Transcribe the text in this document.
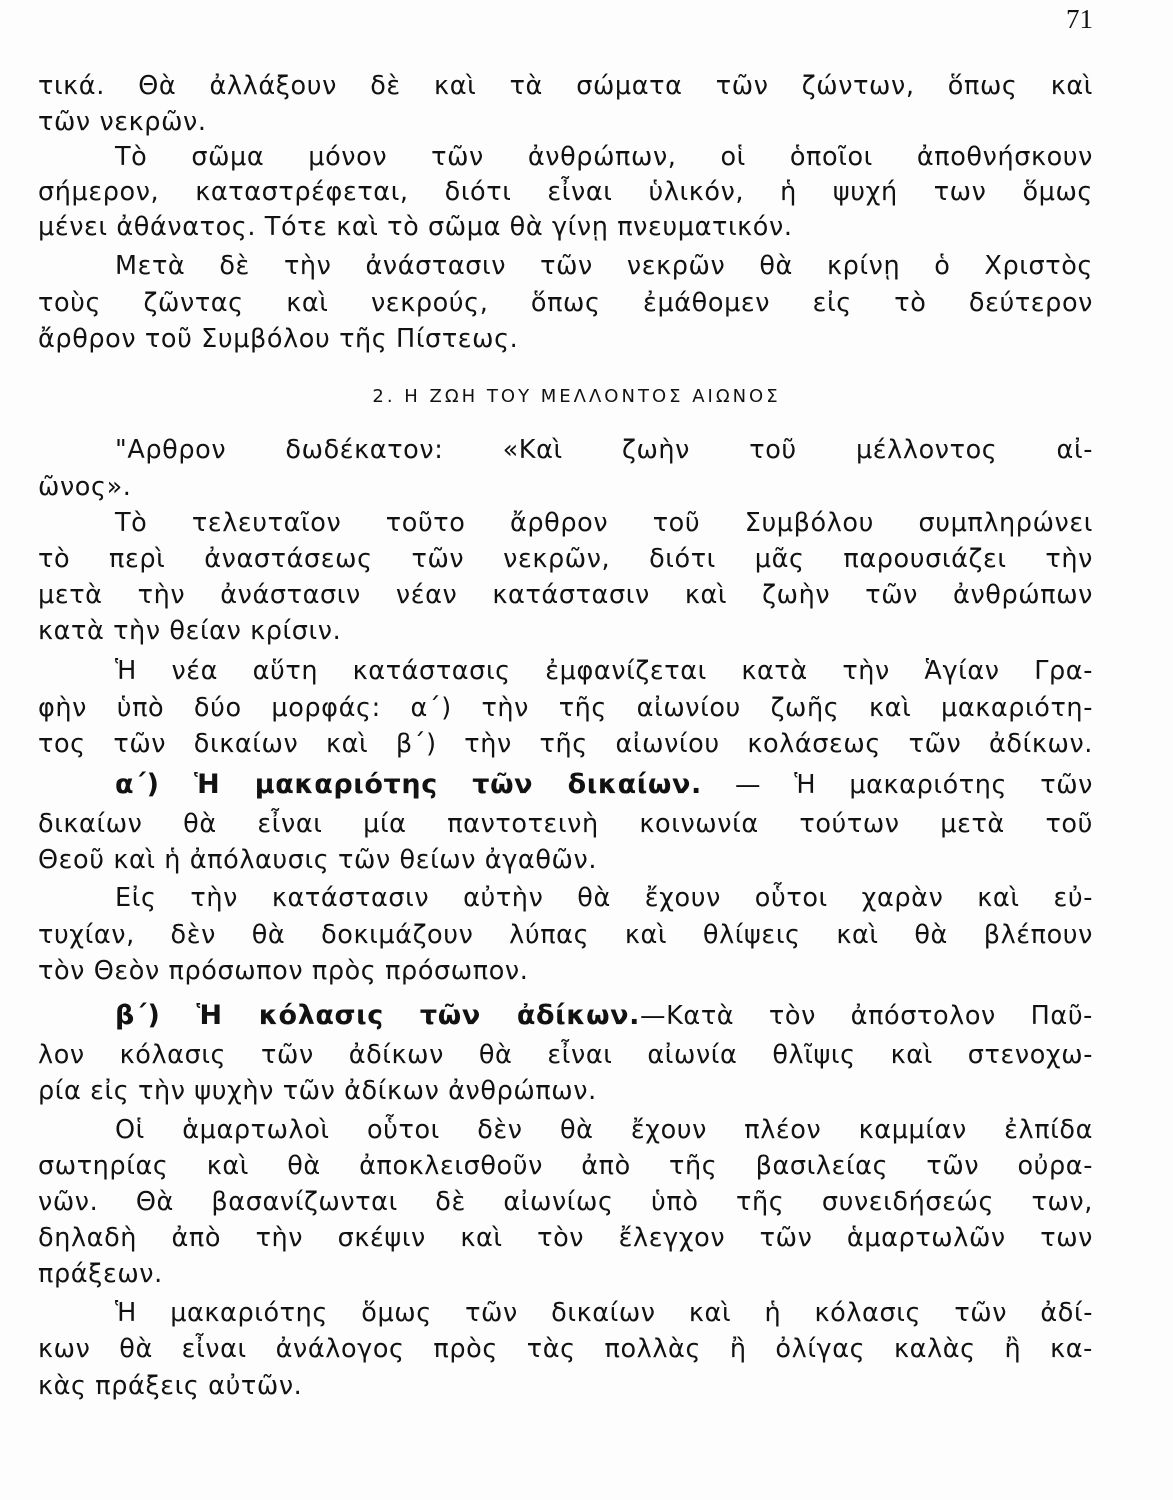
71
τικά. Θὰ ἀλλάξουν δὲ καὶ τὰ σώματα τῶν ζώντων, ὅπως καὶ
τῶν νεκρῶν.
Τὸ σῶμα μόνον τῶν ἀνθρώπων, οἱ ὁποῖοι ἀποθνήσκουν
σήμερον, καταστρέφεται, διότι εἶναι ὑλικόν, ἡ ψυχή των ὅμως
μένει ἀθάνατος. Τότε καὶ τὸ σῶμα θὰ γίνῃ πνευματικόν.
Μετὰ δὲ τὴν ἀνάστασιν τῶν νεκρῶν θὰ κρίνῃ ὁ Χριστὸς
τοὺς ζῶντας καὶ νεκρούς, ὅπως ἐμάθομεν εἰς τὸ δεύτερον
ἄρθρον τοῦ Συμβόλου τῆς Πίστεως.
2. Η ΖΩΗ ΤΟΥ ΜΕΛΛΟΝΤΟΣ ΑΙΩΝΟΣ
"Αρθρον δωδέκατον: «Καὶ ζωὴν τοῦ μέλλοντος αἰ-
ῶνος».
Τὸ τελευταῖον τοῦτο ἄρθρον τοῦ Συμβόλου συμπληρώνει
τὸ περὶ ἀναστάσεως τῶν νεκρῶν, διότι μᾶς παρουσιάζει τὴν
μετὰ τὴν ἀνάστασιν νέαν κατάστασιν καὶ ζωὴν τῶν ἀνθρώπων
κατὰ τὴν θείαν κρίσιν.
Ἡ νέα αὕτη κατάστασις ἐμφανίζεται κατὰ τὴν Ἁγίαν Γρα-
φὴν ὑπὸ δύο μορφάς: α΄) τὴν τῆς αἰωνίου ζωῆς καὶ μακαριότη-
τος τῶν δικαίων καὶ β΄) τὴν τῆς αἰωνίου κολάσεως τῶν ἀδίκων.
α΄) Ἡ μακαριότης τῶν δικαίων. — Ἡ μακαριότης τῶν
δικαίων θὰ εἶναι μία παντοτεινὴ κοινωνία τούτων μετὰ τοῦ
Θεοῦ καὶ ἡ ἀπόλαυσις τῶν θείων ἀγαθῶν.
Εἰς τὴν κατάστασιν αὐτὴν θὰ ἔχουν οὗτοι χαρὰν καὶ εὐ-
τυχίαν, δὲν θὰ δοκιμάζουν λύπας καὶ θλίψεις καὶ θὰ βλέπουν
τὸν Θεὸν πρόσωπον πρὸς πρόσωπον.
β΄) Ἡ κόλασις τῶν ἀδίκων.—Κατὰ τὸν ἀπόστολον Παῦ-
λον κόλασις τῶν ἀδίκων θὰ εἶναι αἰωνία θλῖψις καὶ στενοχω-
ρία εἰς τὴν ψυχὴν τῶν ἀδίκων ἀνθρώπων.
Οἱ ἁμαρτωλοὶ οὗτοι δὲν θὰ ἔχουν πλέον καμμίαν ἐλπίδα
σωτηρίας καὶ θὰ ἀποκλεισθοῦν ἀπὸ τῆς βασιλείας τῶν οὐρα-
νῶν. Θὰ βασανίζωνται δὲ αἰωνίως ὑπὸ τῆς συνειδήσεώς των,
δηλαδὴ ἀπὸ τὴν σκέψιν καὶ τὸν ἔλεγχον τῶν ἁμαρτωλῶν των
πράξεων.
Ἡ μακαριότης ὅμως τῶν δικαίων καὶ ἡ κόλασις τῶν ἀδί-
κων θὰ εἶναι ἀνάλογος πρὸς τὰς πολλὰς ἢ ὀλίγας καλὰς ἢ κα-
κὰς πράξεις αὐτῶν.
